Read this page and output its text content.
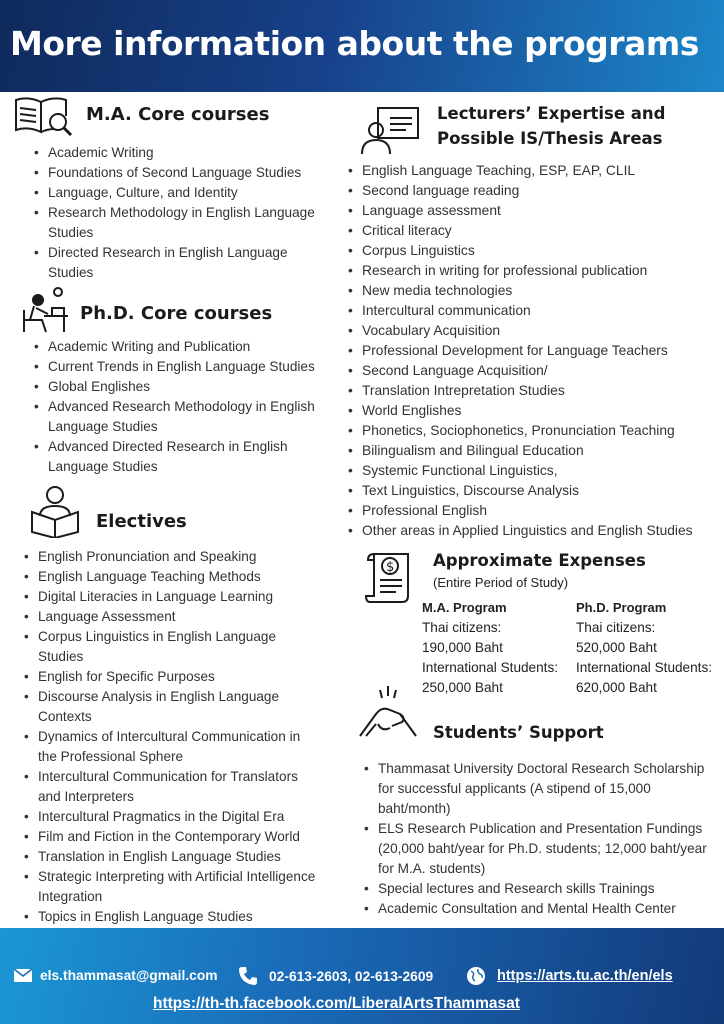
More information about the programs
M.A. Core courses
• Academic Writing
• Foundations of Second Language Studies
• Language, Culture, and Identity
• Research Methodology in English Language Studies
• Directed Research in English Language Studies
Ph.D. Core courses
• Academic Writing and Publication
• Current Trends in English Language Studies
• Global Englishes
• Advanced Research Methodology in English Language Studies
• Advanced Directed Research in English Language Studies
Electives
• English Pronunciation and Speaking
• English Language Teaching Methods
• Digital Literacies in Language Learning
• Language Assessment
• Corpus Linguistics in English Language Studies
• English for Specific Purposes
• Discourse Analysis in English Language Contexts
• Dynamics of Intercultural Communication in the Professional Sphere
• Intercultural Communication for Translators and Interpreters
• Intercultural Pragmatics in the Digital Era
• Film and Fiction in the Contemporary World
• Translation in English Language Studies
• Strategic Interpreting with Artificial Intelligence Integration
• Topics in English Language Studies
Lecturers’ Expertise and
Possible IS/Thesis Areas
• English Language Teaching, ESP, EAP, CLIL
• Second language reading
• Language assessment
• Critical literacy
• Corpus Linguistics
• Research in writing for professional publication
• New media technologies
• Intercultural communication
• Vocabulary Acquisition
• Professional Development for Language Teachers
• Second Language Acquisition/
• Translation Intrepretation Studies
• World Englishes
• Phonetics, Sociophonetics, Pronunciation Teaching
• Bilingualism and Bilingual Education
• Systemic Functional Linguistics,
• Text Linguistics, Discourse Analysis
• Professional English
• Other areas in Applied Linguistics and English Studies
$ Approximate Expenses
(Entire Period of Study)
M.A. Program
Thai citizens:
190,000 Baht
International Students:
250,000 Baht
Ph.D. Program
Thai citizens:
520,000 Baht
International Students:
620,000 Baht
Students’ Support
• Thammasat University Doctoral Research Scholarship for successful applicants (A stipend of 15,000 baht/month)
• ELS Research Publication and Presentation Fundings (20,000 baht/year for Ph.D. students; 12,000 baht/year for M.A. students)
• Special lectures and Research skills Trainings
• Academic Consultation and Mental Health Center
els.thammasat@gmail.com	02-613-2603, 02-613-2609	https://arts.tu.ac.th/en/els
https://th-th.facebook.com/LiberalArtsThammasat
